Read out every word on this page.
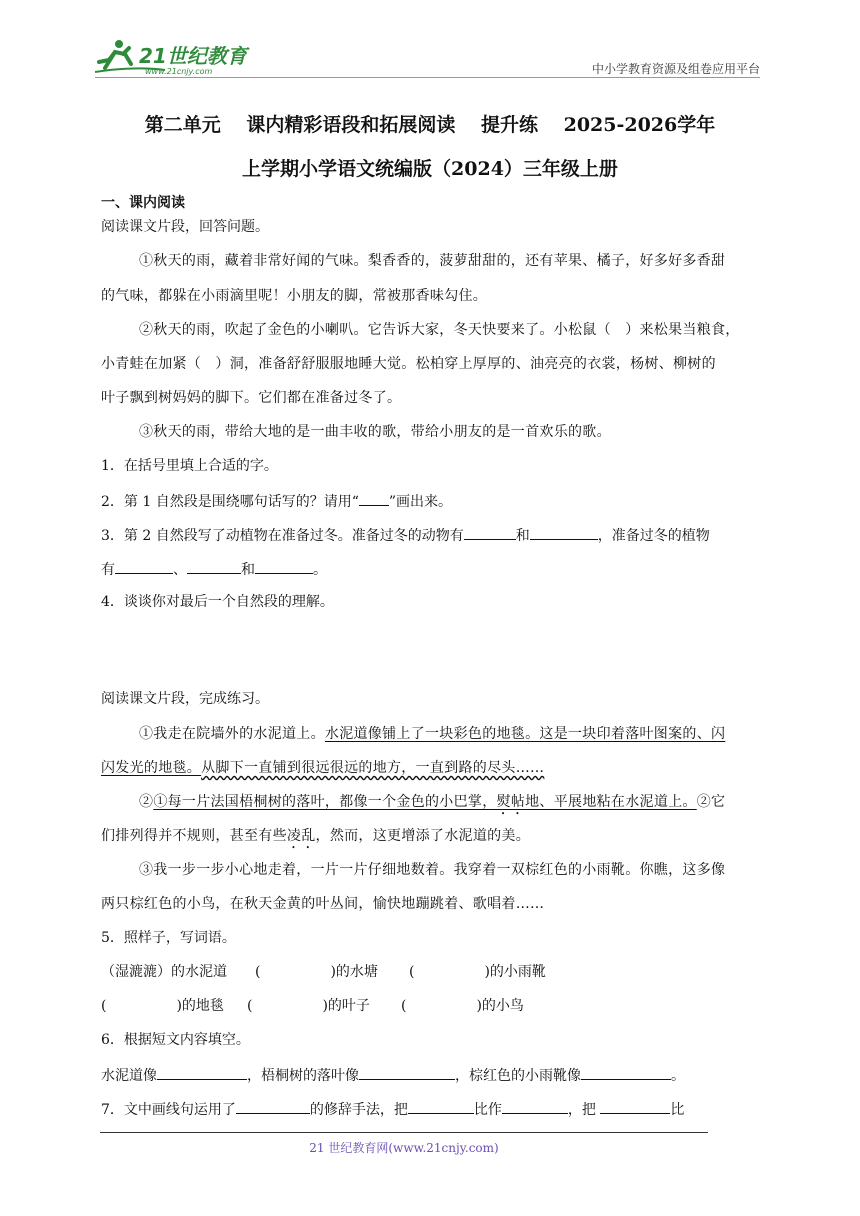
21世纪教育
www.21cnjy.com	中小学教育资源及组卷应用平台
第二单元　 课内精彩语段和拓展阅读　 提升练　 2025-2026学年
上学期小学语文统编版（2024）三年级上册
一、课内阅读
阅读课文片段，回答问题。
①秋天的雨，藏着非常好闻的气味。梨香香的，菠萝甜甜的，还有苹果、橘子，好多好多香甜
的气味，都躲在小雨滴里呢！小朋友的脚，常被那香味勾住。
②秋天的雨，吹起了金色的小喇叭。它告诉大家，冬天快要来了。小松鼠（　）来松果当粮食，
小青蛙在加紧（　）洞，准备舒舒服服地睡大觉。松柏穿上厚厚的、油亮亮的衣裳，杨树、柳树的
叶子飘到树妈妈的脚下。它们都在准备过冬了。
③秋天的雨，带给大地的是一曲丰收的歌，带给小朋友的是一首欢乐的歌。
1．在括号里填上合适的字。
2．第 1 自然段是围绕哪句话写的？请用“ ”画出来。
3．第 2 自然段写了动植物在准备过冬。准备过冬的动物有	和	，准备过冬的植物
有	、	和	。
4．谈谈你对最后一个自然段的理解。
阅读课文片段，完成练习。
①我走在院墙外的水泥道上。水泥道像铺上了一块彩色的地毯。这是一块印着落叶图案的、闪
闪发光的地毯。从脚下一直铺到很远很远的地方，一直到路的尽头……
②①每一片法国梧桐树的落叶，都像一个金色的小巴掌，熨帖地、平展地粘在水泥道上。②它
们排列得并不规则，甚至有些凌乱，然而，这更增添了水泥道的美。
③我一步一步小心地走着，一片一片仔细地数着。我穿着一双棕红色的小雨靴。你瞧，这多像
两只棕红色的小鸟，在秋天金黄的叶丛间，愉快地蹦跳着、歌唱着……
5．照样子，写词语。
（湿漉漉）的水泥道 (　　　　　)的水塘 (　　　　　)的小雨靴
(　　　　　)的地毯 (　　　　　)的叶子 (　　　　　)的小鸟
6．根据短文内容填空。
水泥道像	，梧桐树的落叶像	，棕红色的小雨靴像	。
7．文中画线句运用了	的修辞手法，把	比作	，把	比
21 世纪教育网(www.21cnjy.com)
